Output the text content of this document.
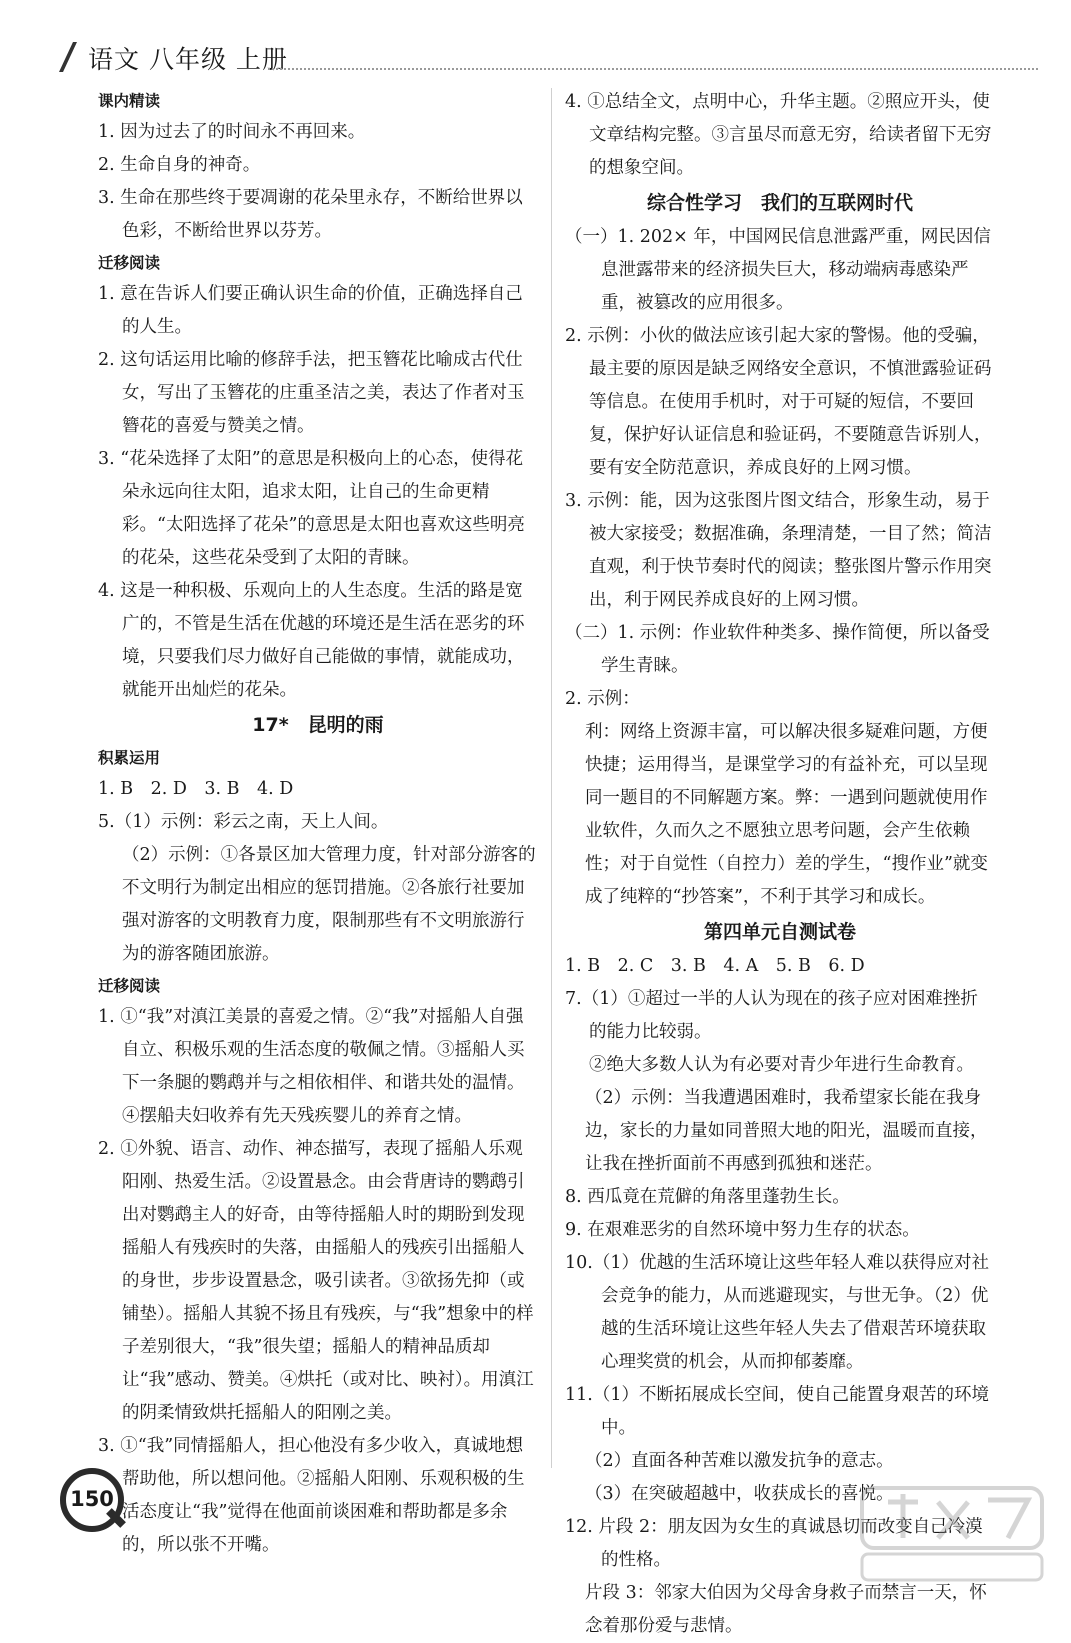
语文 八年级 上册

课内精读

1. 因为过去了的时间永不再回来。

2. 生命自身的神奇。

3. 生命在那些终于要凋谢的花朵里永存，不断给世界以色彩，不断给世界以芬芳。

迁移阅读

1. 意在告诉人们要正确认识生命的价值，正确选择自己的人生。

2. 这句话运用比喻的修辞手法，把玉簪花比喻成古代仕女，写出了玉簪花的庄重圣洁之美，表达了作者对玉簪花的喜爱与赞美之情。

3. “花朵选择了太阳”的意思是积极向上的心态，使得花朵永远向往太阳，追求太阳，让自己的生命更精彩。“太阳选择了花朵”的意思是太阳也喜欢这些明亮的花朵，这些花朵受到了太阳的青睐。

4. 这是一种积极、乐观向上的人生态度。生活的路是宽广的，不管是生活在优越的环境还是生活在恶劣的环境，只要我们尽力做好自己能做的事情，就能成功，就能开出灿烂的花朵。

17*　昆明的雨

积累运用

1. B　2. D　3. B　4. D

5.（1）示例：彩云之南，天上人间。

（2）示例：①各景区加大管理力度，针对部分游客的不文明行为制定出相应的惩罚措施。②各旅行社要加强对游客的文明教育力度，限制那些有不文明旅游行为的游客随团旅游。

迁移阅读

1. ①“我”对滇江美景的喜爱之情。②“我”对摇船人自强自立、积极乐观的生活态度的敬佩之情。③摇船人买下一条腿的鹦鹉并与之相依相伴、和谐共处的温情。④摆船夫妇收养有先天残疾婴儿的养育之情。

2. ①外貌、语言、动作、神态描写，表现了摇船人乐观阳刚、热爱生活。②设置悬念。由会背唐诗的鹦鹉引出对鹦鹉主人的好奇，由等待摇船人时的期盼到发现摇船人有残疾时的失落，由摇船人的残疾引出摇船人的身世，步步设置悬念，吸引读者。③欲扬先抑（或铺垫）。摇船人其貌不扬且有残疾，与“我”想象中的样子差别很大，“我”很失望；摇船人的精神品质却让“我”感动、赞美。④烘托（或对比、映衬）。用滇江的阴柔情致烘托摇船人的阳刚之美。

3. ①“我”同情摇船人，担心他没有多少收入，真诚地想帮助他，所以想问他。②摇船人阳刚、乐观积极的生活态度让“我”觉得在他面前谈困难和帮助都是多余的，所以张不开嘴。

4. ①总结全文，点明中心，升华主题。②照应开头，使文章结构完整。③言虽尽而意无穷，给读者留下无穷的想象空间。

综合性学习　我们的互联网时代

（一）1. 202× 年，中国网民信息泄露严重，网民因信息泄露带来的经济损失巨大，移动端病毒感染严重，被篡改的应用很多。

2. 示例：小伙的做法应该引起大家的警惕。他的受骗，最主要的原因是缺乏网络安全意识，不慎泄露验证码等信息。在使用手机时，对于可疑的短信，不要回复，保护好认证信息和验证码，不要随意告诉别人，要有安全防范意识，养成良好的上网习惯。

3. 示例：能，因为这张图片图文结合，形象生动，易于被大家接受；数据准确，条理清楚，一目了然；简洁直观，利于快节奏时代的阅读；整张图片警示作用突出，利于网民养成良好的上网习惯。

（二）1. 示例：作业软件种类多、操作简便，所以备受学生青睐。

2. 示例：

利：网络上资源丰富，可以解决很多疑难问题，方便快捷；运用得当，是课堂学习的有益补充，可以呈现同一题目的不同解题方案。弊：一遇到问题就使用作业软件，久而久之不愿独立思考问题，会产生依赖性；对于自觉性（自控力）差的学生，“搜作业”就变成了纯粹的“抄答案”，不利于其学习和成长。

第四单元自测试卷

1. B　2. C　3. B　4. A　5. B　6. D

7.（1）①超过一半的人认为现在的孩子应对困难挫折的能力比较弱。

②绝大多数人认为有必要对青少年进行生命教育。

（2）示例：当我遭遇困难时，我希望家长能在我身边，家长的力量如同普照大地的阳光，温暖而直接，让我在挫折面前不再感到孤独和迷茫。

8. 西瓜竟在荒僻的角落里蓬勃生长。

9. 在艰难恶劣的自然环境中努力生存的状态。

10.（1）优越的生活环境让这些年轻人难以获得应对社会竞争的能力，从而逃避现实，与世无争。（2）优越的生活环境让这些年轻人失去了借艰苦环境获取心理奖赏的机会，从而抑郁萎靡。

11.（1）不断拓展成长空间，使自己能置身艰苦的环境中。

（2）直面各种苦难以激发抗争的意志。

（3）在突破超越中，收获成长的喜悦。

12. 片段 2：朋友因为女生的真诚恳切而改变自己冷漠的性格。

片段 3：邻家大伯因为父母舍身救子而禁言一天，怀念着那份爱与悲情。

150
